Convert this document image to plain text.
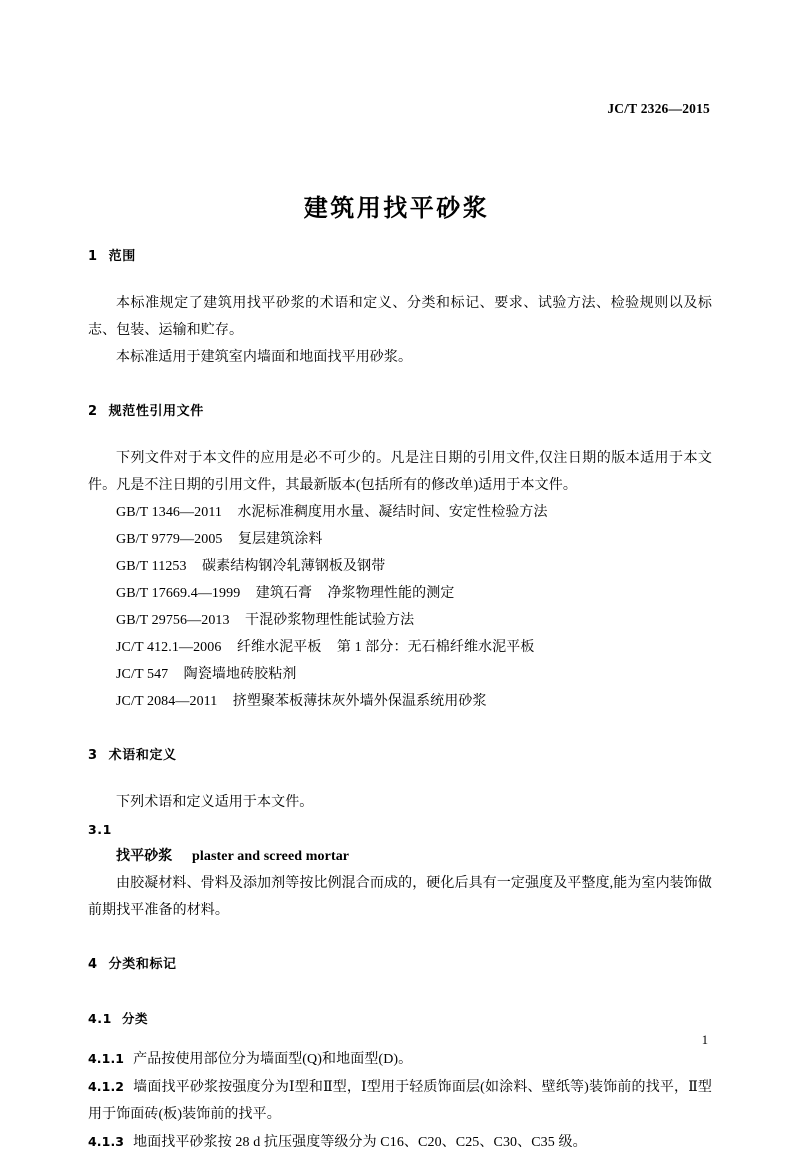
JC/T 2326—2015
建筑用找平砂浆

1 范围

本标准规定了建筑用找平砂浆的术语和定义、分类和标记、要求、试验方法、检验规则以及标志、包装、运输和贮存。

本标准适用于建筑室内墙面和地面找平用砂浆。

2 规范性引用文件

下列文件对于本文件的应用是必不可少的。凡是注日期的引用文件,仅注日期的版本适用于本文件。凡是不注日期的引用文件，其最新版本(包括所有的修改单)适用于本文件。

GB/T 1346—2011 水泥标准稠度用水量、凝结时间、安定性检验方法

GB/T 9779—2005 复层建筑涂料

GB/T 11253 碳素结构钢冷轧薄钢板及钢带

GB/T 17669.4—1999 建筑石膏 净浆物理性能的测定

GB/T 29756—2013 干混砂浆物理性能试验方法

JC/T 412.1—2006 纤维水泥平板 第 1 部分：无石棉纤维水泥平板

JC/T 547 陶瓷墙地砖胶粘剂

JC/T 2084—2011 挤塑聚苯板薄抹灰外墙外保温系统用砂浆

3 术语和定义

下列术语和定义适用于本文件。

3.1

找平砂浆 plaster and screed mortar

由胶凝材料、骨料及添加剂等按比例混合而成的，硬化后具有一定强度及平整度,能为室内装饰做前期找平准备的材料。

4 分类和标记

4.1 分类

4.1.1 产品按使用部位分为墙面型(Q)和地面型(D)。

4.1.2 墙面找平砂浆按强度分为Ⅰ型和Ⅱ型，Ⅰ型用于轻质饰面层(如涂料、壁纸等)装饰前的找平，Ⅱ型用于饰面砖(板)装饰前的找平。

4.1.3 地面找平砂浆按 28 d 抗压强度等级分为 C16、C20、C25、C30、C35 级。

1
